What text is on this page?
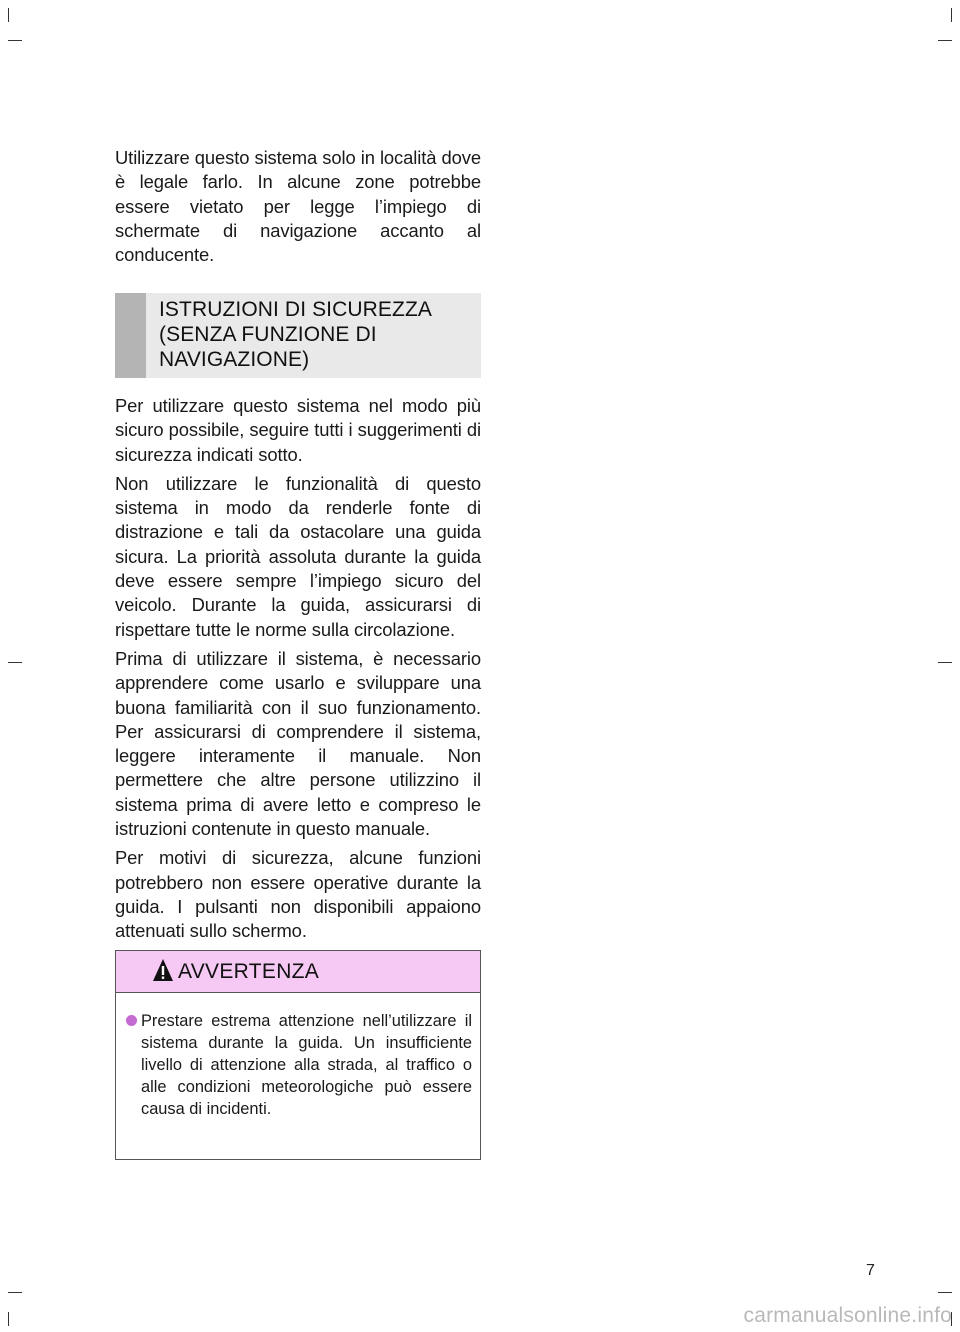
Utilizzare questo sistema solo in località dove è legale farlo. In alcune zone potrebbe essere vietato per legge l’impiego di schermate di navigazione accanto al conducente.

ISTRUZIONI DI SICUREZZA (SENZA FUNZIONE DI NAVIGAZIONE)

Per utilizzare questo sistema nel modo più sicuro possibile, seguire tutti i suggerimenti di sicurezza indicati sotto.

Non utilizzare le funzionalità di questo sistema in modo da renderle fonte di distrazione e tali da ostacolare una guida sicura. La priorità assoluta durante la guida deve essere sempre l’impiego sicuro del veicolo. Durante la guida, assicurarsi di rispettare tutte le norme sulla circolazione.

Prima di utilizzare il sistema, è necessario apprendere come usarlo e sviluppare una buona familiarità con il suo funzionamento. Per assicurarsi di comprendere il sistema, leggere interamente il manuale. Non permettere che altre persone utilizzino il sistema prima di avere letto e compreso le istruzioni contenute in questo manuale.

Per motivi di sicurezza, alcune funzioni potrebbero non essere operative durante la guida. I pulsanti non disponibili appaiono attenuati sullo schermo.

AVVERTENZA

Prestare estrema attenzione nell’utilizzare il sistema durante la guida. Un insufficiente livello di attenzione alla strada, al traffico o alle condizioni meteorologiche può essere causa di incidenti.

7
carmanualsonline.info
